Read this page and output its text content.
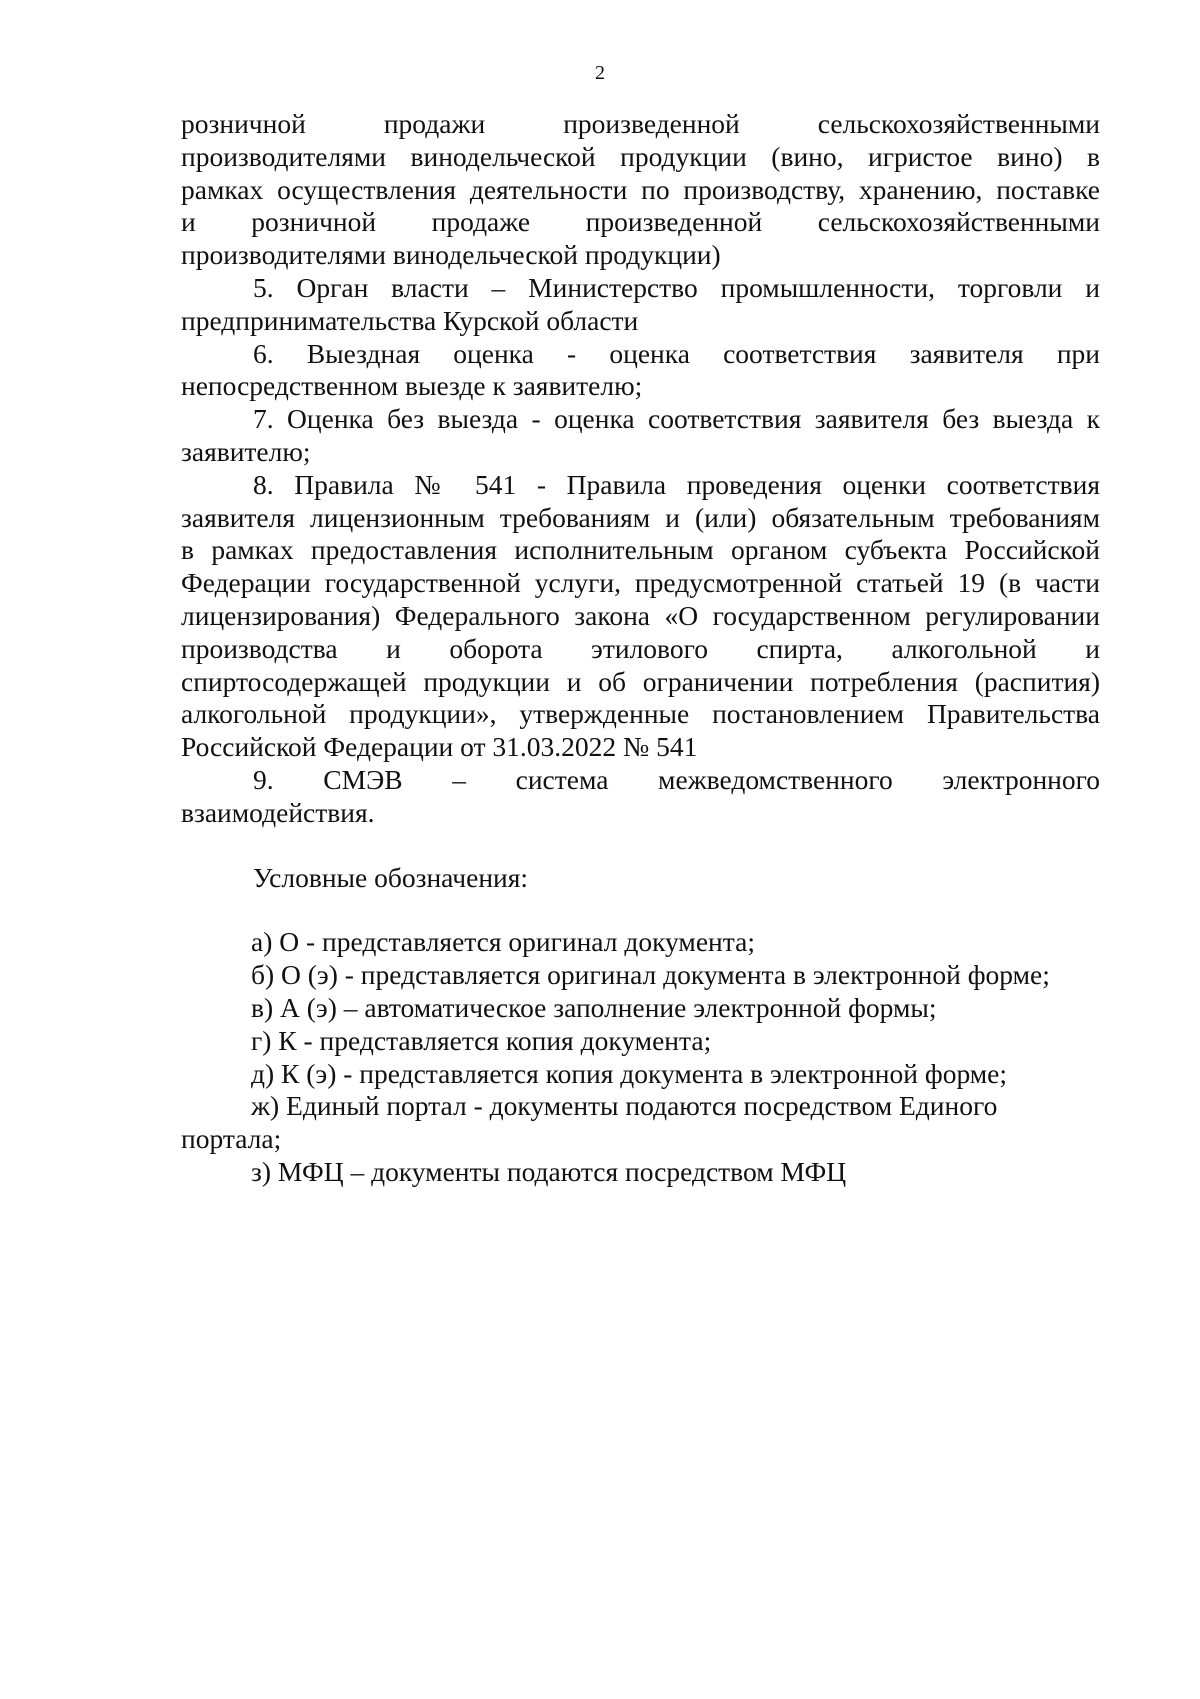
2

розничной продажи произведенной сельскохозяйственными
производителями винодельческой продукции (вино, игристое вино) в
рамках осуществления деятельности по производству, хранению, поставке
и розничной продаже произведенной сельскохозяйственными
производителями винодельческой продукции)

5. Орган власти – Министерство промышленности, торговли и
предпринимательства Курской области

6. Выездная оценка - оценка соответствия заявителя при
непосредственном выезде к заявителю;

7. Оценка без выезда - оценка соответствия заявителя без выезда к
заявителю;

8. Правила № 541 - Правила проведения оценки соответствия
заявителя лицензионным требованиям и (или) обязательным требованиям
в рамках предоставления исполнительным органом субъекта Российской
Федерации государственной услуги, предусмотренной статьей 19 (в части
лицензирования) Федерального закона «О государственном регулировании
производства и оборота этилового спирта, алкогольной и
спиртосодержащей продукции и об ограничении потребления (распития)
алкогольной продукции», утвержденные постановлением Правительства
Российской Федерации от 31.03.2022 № 541

9. СМЭВ – система межведомственного электронного
взаимодействия.

Условные обозначения:

а) О - представляется оригинал документа;
б) О (э) - представляется оригинал документа в электронной форме;
в) А (э) – автоматическое заполнение электронной формы;
г) К - представляется копия документа;
д) К (э) - представляется копия документа в электронной форме;
ж) Единый портал - документы подаются посредством Единого портала;
з) МФЦ – документы подаются посредством МФЦ
